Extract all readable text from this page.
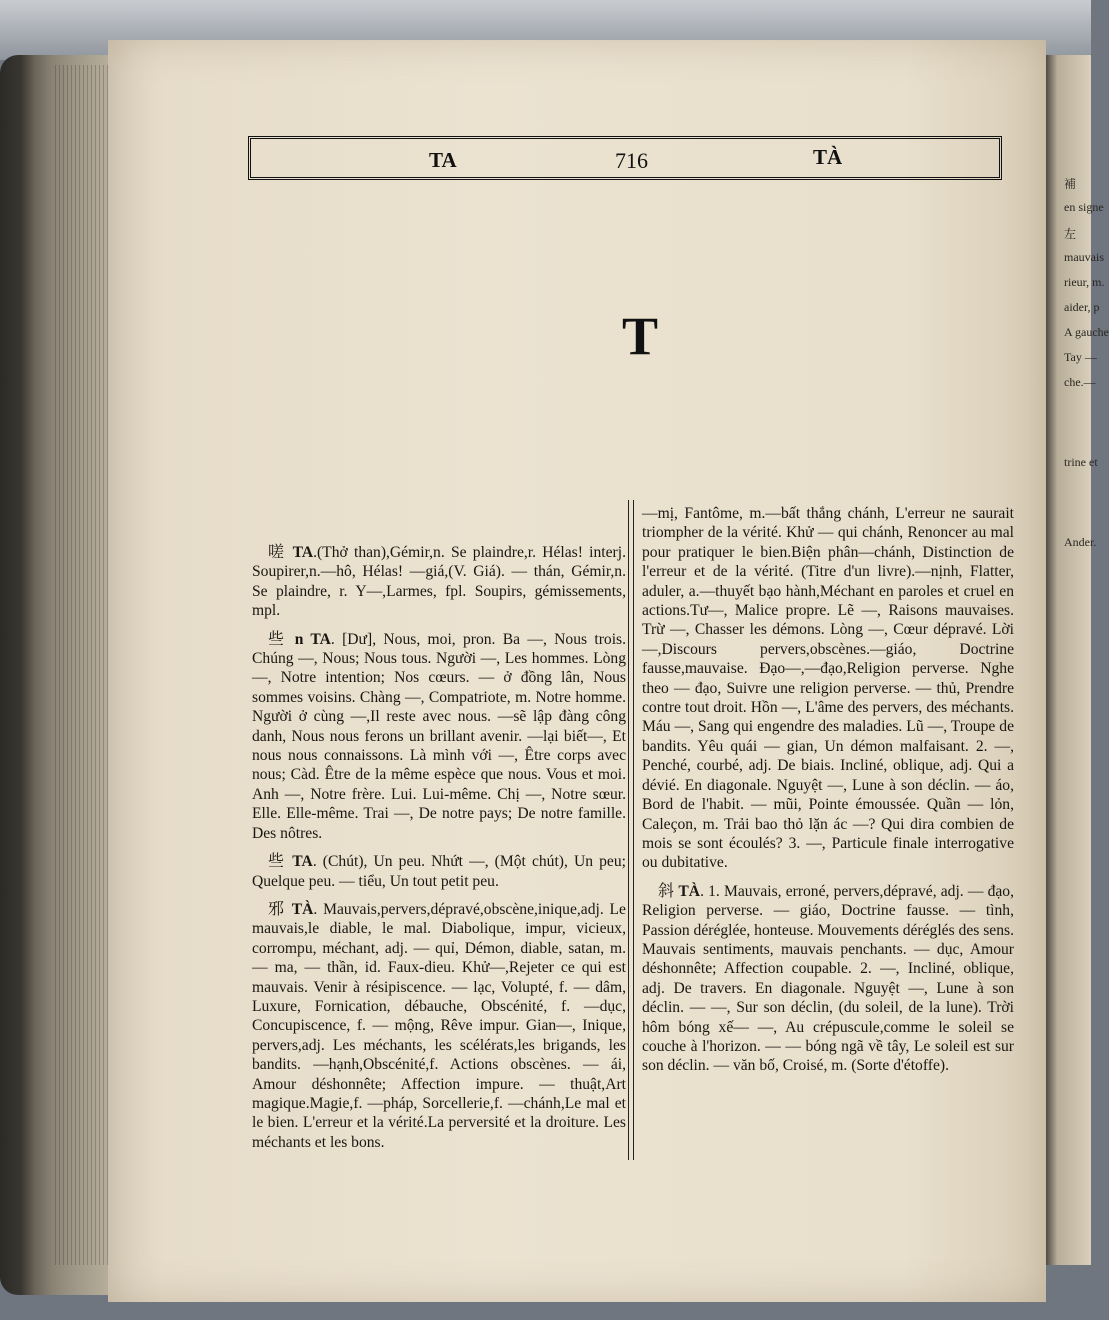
補
en signe
左
mauvais
rieur, m.
aider, p
A gauche
Tay —
che.—
trine et
Ander.
TA	716	TÀ
T

嗟 TA.(Thở than),Gémir,n. Se plaindre,r. Hélas! interj. Soupirer,n.—hô, Hélas! —giá,(V. Giá). — thán, Gémir,n. Se plaindre, r. Y—,Larmes, fpl. Soupirs, gémissements, mpl.

些 n TA. [Dư], Nous, moi, pron. Ba —, Nous trois. Chúng —, Nous; Nous tous. Người —, Les hommes. Lòng —, Notre intention; Nos cœurs. — ở đồng lân, Nous sommes voisins. Chàng —, Compatriote, m. Notre homme. Người ở cùng —,Il reste avec nous. —sẽ lập đàng công danh, Nous nous ferons un brillant avenir. —lại biết—, Et nous nous connaissons. Là mình với —, Être corps avec nous; Càd. Être de la même espèce que nous. Vous et moi. Anh —, Notre frère. Lui. Lui-même. Chị —, Notre sœur. Elle. Elle-même. Trai —, De notre pays; De notre famille. Des nôtres.

些 TA. (Chút), Un peu. Nhứt —, (Một chút), Un peu; Quelque peu. — tiểu, Un tout petit peu.

邪 TÀ. Mauvais,pervers,dépravé,obscène,inique,adj. Le mauvais,le diable, le mal. Diabolique, impur, vicieux, corrompu, méchant, adj. — quỉ, Démon, diable, satan, m. — ma, — thần, id. Faux-dieu. Khử—,Rejeter ce qui est mauvais. Venir à résipiscence. — lạc, Volupté, f. — dâm, Luxure, Fornication, débauche, Obscénité, f. —dục, Concupiscence, f. — mộng, Rêve impur. Gian—, Inique, pervers,adj. Les méchants, les scélérats,les brigands, les bandits. —hạnh,Obscénité,f. Actions obscènes. — ái, Amour déshonnête; Affection impure. — thuật,Art magique.Magie,f. —pháp, Sorcellerie,f. —chánh,Le mal et le bien. L'erreur et la vérité.La perversité et la droiture. Les méchants et les bons.

—mị, Fantôme, m.—bất thắng chánh, L'erreur ne saurait triompher de la vérité. Khử — qui chánh, Renoncer au mal pour pratiquer le bien.Biện phân—chánh, Distinction de l'erreur et de la vérité. (Titre d'un livre).—nịnh, Flatter, aduler, a.—thuyết bạo hành,Méchant en paroles et cruel en actions.Tư—, Malice propre. Lẽ —, Raisons mauvaises. Trừ —, Chasser les démons. Lòng —, Cœur dépravé. Lời —,Discours pervers,obscènes.—giáo, Doctrine fausse,mauvaise. Đạo—,—đạo,Religion perverse. Nghe theo — đạo, Suivre une religion perverse. — thủ, Prendre contre tout droit. Hồn —, L'âme des pervers, des méchants. Máu —, Sang qui engendre des maladies. Lũ —, Troupe de bandits. Yêu quái — gian, Un démon malfaisant. 2. —, Penché, courbé, adj. De biais. Incliné, oblique, adj. Qui a dévié. En diagonale. Nguyệt —, Lune à son déclin. — áo, Bord de l'habit. — mũi, Pointe émoussée. Quần — lỏn, Caleçon, m. Trải bao thỏ lặn ác —? Qui dira combien de mois se sont écoulés? 3. —, Particule finale interrogative ou dubitative.

斜 TÀ. 1. Mauvais, erroné, pervers,dépravé, adj. — đạo, Religion perverse. — giáo, Doctrine fausse. — tình, Passion déréglée, honteuse. Mouvements déréglés des sens. Mauvais sentiments, mauvais penchants. — dục, Amour déshonnête; Affection coupable. 2. —, Incliné, oblique, adj. De travers. En diagonale. Nguyệt —, Lune à son déclin. — —, Sur son déclin, (du soleil, de la lune). Trời hôm bóng xế— —, Au crépuscule,comme le soleil se couche à l'horizon. — — bóng ngã về tây, Le soleil est sur son déclin. — văn bố, Croisé, m. (Sorte d'étoffe).
